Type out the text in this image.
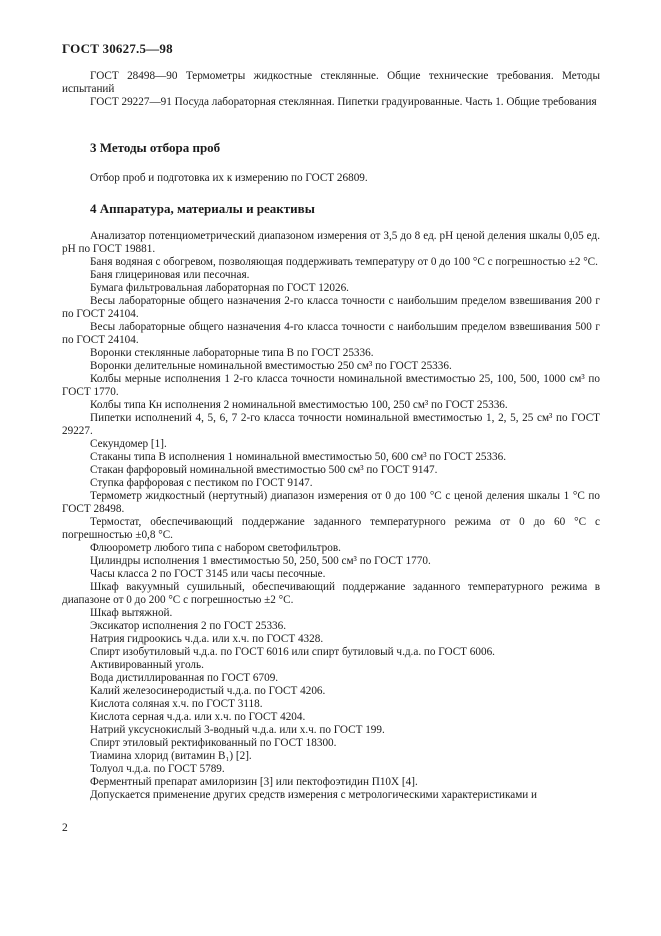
ГОСТ 30627.5—98

ГОСТ 28498—90 Термометры жидкостные стеклянные. Общие технические требования. Методы испытаний

ГОСТ 29227—91 Посуда лабораторная стеклянная. Пипетки градуированные. Часть 1. Общие требования

3 Методы отбора проб

Отбор проб и подготовка их к измерению по ГОСТ 26809.

4 Аппаратура, материалы и реактивы

Анализатор потенциометрический диапазоном измерения от 3,5 до 8 ед. pH ценой деления шкалы 0,05 ед. pH по ГОСТ 19881.

Баня водяная с обогревом, позволяющая поддерживать температуру от 0 до 100 °С с погрешностью ±2 °С.

Баня глицериновая или песочная.

Бумага фильтровальная лабораторная по ГОСТ 12026.

Весы лабораторные общего назначения 2-го класса точности с наибольшим пределом взвешивания 200 г по ГОСТ 24104.

Весы лабораторные общего назначения 4-го класса точности с наибольшим пределом взвешивания 500 г по ГОСТ 24104.

Воронки стеклянные лабораторные типа В по ГОСТ 25336.

Воронки делительные номинальной вместимостью 250 см³ по ГОСТ 25336.

Колбы мерные исполнения 1 2-го класса точности номинальной вместимостью 25, 100, 500, 1000 см³ по ГОСТ 1770.

Колбы типа Кн исполнения 2 номинальной вместимостью 100, 250 см³ по ГОСТ 25336.

Пипетки исполнений 4, 5, 6, 7 2-го класса точности номинальной вместимостью 1, 2, 5, 25 см³ по ГОСТ 29227.

Секундомер [1].

Стаканы типа В исполнения 1 номинальной вместимостью 50, 600 см³ по ГОСТ 25336.

Стакан фарфоровый номинальной вместимостью 500 см³ по ГОСТ 9147.

Ступка фарфоровая с пестиком по ГОСТ 9147.

Термометр жидкостный (нертутный) диапазон измерения от 0 до 100 °С с ценой деления шкалы 1 °С по ГОСТ 28498.

Термостат, обеспечивающий поддержание заданного температурного режима от 0 до 60 °С с погрешностью ±0,8 °С.

Флюорометр любого типа с набором светофильтров.

Цилиндры исполнения 1 вместимостью 50, 250, 500 см³ по ГОСТ 1770.

Часы класса 2 по ГОСТ 3145 или часы песочные.

Шкаф вакуумный сушильный, обеспечивающий поддержание заданного температурного режима в диапазоне от 0 до 200 °С с погрешностью ±2 °С.

Шкаф вытяжной.

Эксикатор исполнения 2 по ГОСТ 25336.

Натрия гидроокись ч.д.а. или х.ч. по ГОСТ 4328.

Спирт изобутиловый ч.д.а. по ГОСТ 6016 или спирт бутиловый ч.д.а. по ГОСТ 6006.

Активированный уголь.

Вода дистиллированная по ГОСТ 6709.

Калий железосинеродистый ч.д.а. по ГОСТ 4206.

Кислота соляная х.ч. по ГОСТ 3118.

Кислота серная ч.д.а. или х.ч. по ГОСТ 4204.

Натрий уксуснокислый 3-водный ч.д.а. или х.ч. по ГОСТ 199.

Спирт этиловый ректификованный по ГОСТ 18300.

Тиамина хлорид (витамин B₁) [2].

Толуол ч.д.а. по ГОСТ 5789.

Ферментный препарат амилоризин [3] или пектофоэтидин П10Х [4].

Допускается применение других средств измерения с метрологическими характеристиками и

2
